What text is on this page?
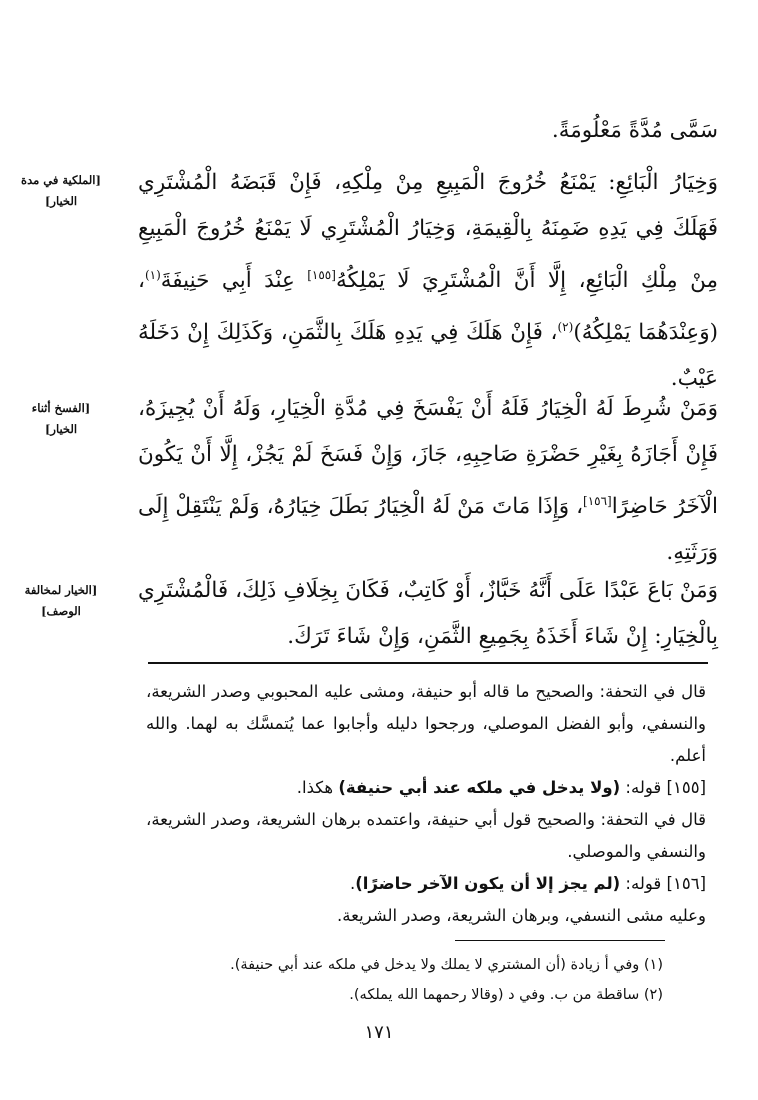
سَمَّى مُدَّةً مَعْلُومَةً.

وَخِيَارُ الْبَائِعِ: يَمْنَعُ خُرُوجَ الْمَبِيعِ مِنْ مِلْكِهِ، فَإِنْ قَبَضَهُ الْمُشْتَرِي فَهَلَكَ فِي يَدِهِ ضَمِنَهُ بِالْقِيمَةِ، وَخِيَارُ الْمُشْتَرِي لَا يَمْنَعُ خُرُوجَ الْمَبِيعِ مِنْ مِلْكِ الْبَائِعِ، إِلَّا أَنَّ الْمُشْتَرِيَ لَا يَمْلِكُهُ[١٥٥] عِنْدَ أَبِي حَنِيفَةَ$^{(١)}$، (وَعِنْدَهُمَا يَمْلِكُهُ)$^{(٢)}$، فَإِنْ هَلَكَ فِي يَدِهِ هَلَكَ بِالثَّمَنِ، وَكَذَلِكَ إِنْ دَخَلَهُ عَيْبٌ.

وَمَنْ شُرِطَ لَهُ الْخِيَارُ فَلَهُ أَنْ يَفْسَخَ فِي مُدَّةِ الْخِيَارِ، وَلَهُ أَنْ يُجِيزَهُ، فَإِنْ أَجَازَهُ بِغَيْرِ حَضْرَةِ صَاحِبِهِ، جَازَ، وَإِنْ فَسَخَ لَمْ يَجُزْ، إِلَّا أَنْ يَكُونَ الْآخَرُ حَاضِرًا[١٥٦]، وَإِذَا مَاتَ مَنْ لَهُ الْخِيَارُ بَطَلَ خِيَارُهُ، وَلَمْ يَنْتَقِلْ إِلَى وَرَثَتِهِ.

وَمَنْ بَاعَ عَبْدًا عَلَى أَنَّهُ خَبَّازٌ، أَوْ كَاتِبٌ، فَكَانَ بِخِلَافِ ذَلِكَ، فَالْمُشْتَرِي بِالْخِيَارِ: إِنْ شَاءَ أَخَذَهُ بِجَمِيعِ الثَّمَنِ، وَإِنْ شَاءَ تَرَكَ.

[الملكية في مدة الخيار]
[الفسخ أثناء الخيار]
[الخيار لمخالفة الوصف]

قال في التحفة: والصحيح ما قاله أبو حنيفة، ومشى عليه المحبوبي وصدر الشريعة، والنسفي، وأبو الفضل الموصلي، ورجحوا دليله وأجابوا عما يُتمسَّك به لهما. والله أعلم.

[١٥٥] قوله: (ولا يدخل في ملكه عند أبي حنيفة) هكذا.

قال في التحفة: والصحيح قول أبي حنيفة، واعتمده برهان الشريعة، وصدر الشريعة، والنسفي والموصلي.

[١٥٦] قوله: (لم يجز إلا أن يكون الآخر حاضرًا).

وعليه مشى النسفي، وبرهان الشريعة، وصدر الشريعة.

(١) وفي أ زيادة (أن المشتري لا يملك ولا يدخل في ملكه عند أبي حنيفة).

(٢) ساقطة من ب. وفي د (وقالا رحمهما الله يملكه).

١٧١
